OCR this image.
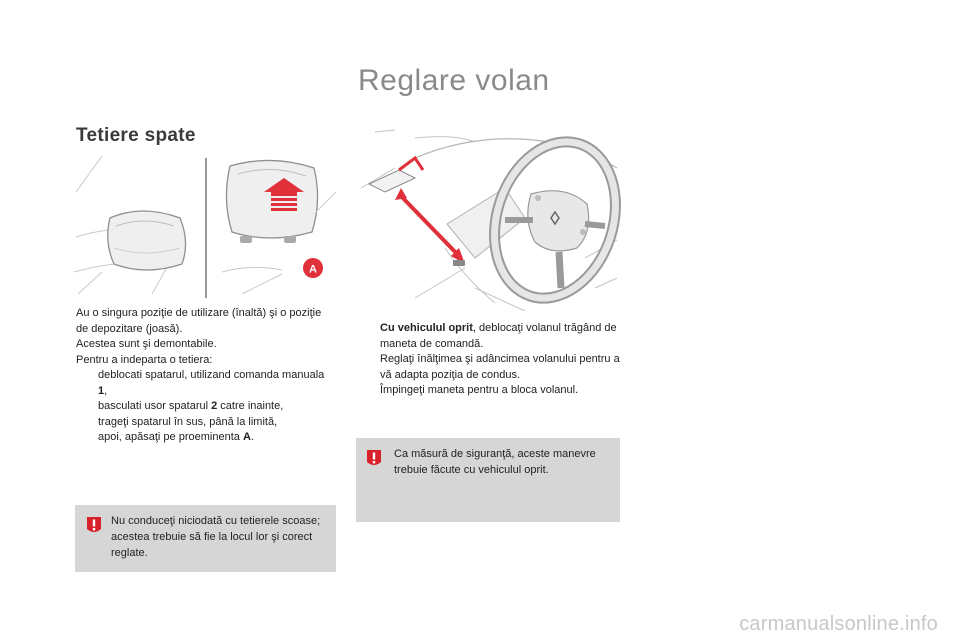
Reglare volan
Tetiere spate
A

Au o singura poziţie de utilizare (înaltă) şi o poziţie de depozitare (joasă).

Acestea sunt şi demontabile.

Pentru a indeparta o tetiera:

deblocati spatarul, utilizand comanda manuala 1,
basculati usor spatarul 2 catre inainte,
trageţi spatarul în sus, până la limită,
apoi, apăsaţi pe proeminenta A.
Cu vehiculul oprit, deblocaţi volanul trăgând de maneta de comandă.
Reglaţi înălţimea şi adâncimea volanului pentru a vă adapta poziţia de condus.
Împingeţi maneta pentru a bloca volanul.
Ca măsură de siguranţă, aceste manevre trebuie făcute cu vehiculul oprit.
Nu conduceţi niciodată cu tetierele scoase; acestea trebuie să fie la locul lor şi corect reglate.
carmanualsonline.info
